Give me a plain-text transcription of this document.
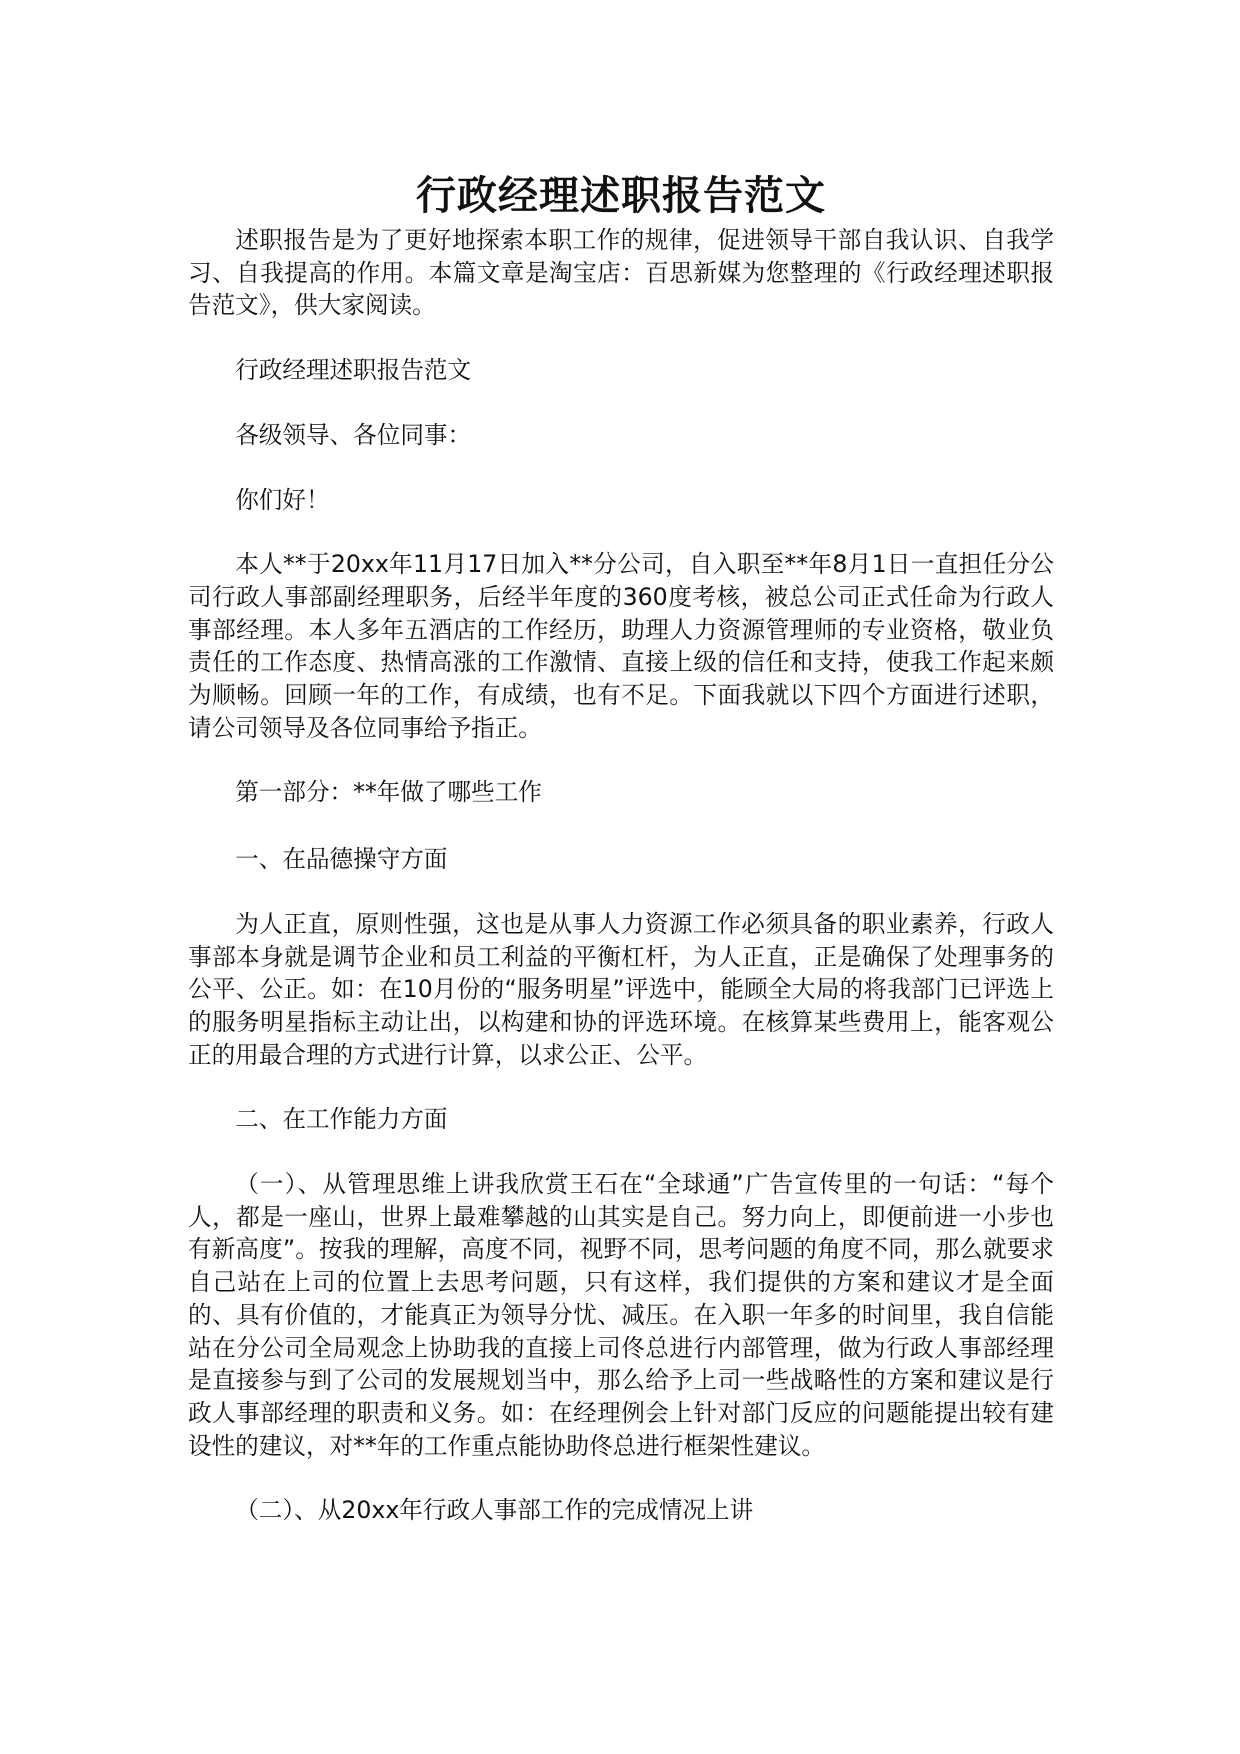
行政经理述职报告范文

述职报告是为了更好地探索本职工作的规律，促进领导干部自我认识、自我学习、自我提高的作用。本篇文章是淘宝店：百思新媒为您整理的《行政经理述职报告范文》，供大家阅读。

行政经理述职报告范文

各级领导、各位同事：

你们好！

本人**于20xx年11月17日加入**分公司，自入职至**年8月1日一直担任分公司行政人事部副经理职务，后经半年度的360度考核，被总公司正式任命为行政人事部经理。本人多年五酒店的工作经历，助理人力资源管理师的专业资格，敬业负责任的工作态度、热情高涨的工作激情、直接上级的信任和支持，使我工作起来颇为顺畅。回顾一年的工作，有成绩，也有不足。下面我就以下四个方面进行述职，请公司领导及各位同事给予指正。

第一部分：**年做了哪些工作

一、在品德操守方面

为人正直，原则性强，这也是从事人力资源工作必须具备的职业素养，行政人事部本身就是调节企业和员工利益的平衡杠杆，为人正直，正是确保了处理事务的公平、公正。如：在10月份的“服务明星”评选中，能顾全大局的将我部门已评选上的服务明星指标主动让出，以构建和协的评选环境。在核算某些费用上，能客观公正的用最合理的方式进行计算，以求公正、公平。

二、在工作能力方面

（一）、从管理思维上讲我欣赏王石在“全球通”广告宣传里的一句话：“每个人，都是一座山，世界上最难攀越的山其实是自己。努力向上，即便前进一小步也有新高度”。按我的理解，高度不同，视野不同，思考问题的角度不同，那么就要求自己站在上司的位置上去思考问题，只有这样，我们提供的方案和建议才是全面的、具有价值的，才能真正为领导分忧、减压。在入职一年多的时间里，我自信能站在分公司全局观念上协助我的直接上司佟总进行内部管理，做为行政人事部经理是直接参与到了公司的发展规划当中，那么给予上司一些战略性的方案和建议是行政人事部经理的职责和义务。如：在经理例会上针对部门反应的问题能提出较有建设性的建议，对**年的工作重点能协助佟总进行框架性建议。

（二）、从20xx年行政人事部工作的完成情况上讲
